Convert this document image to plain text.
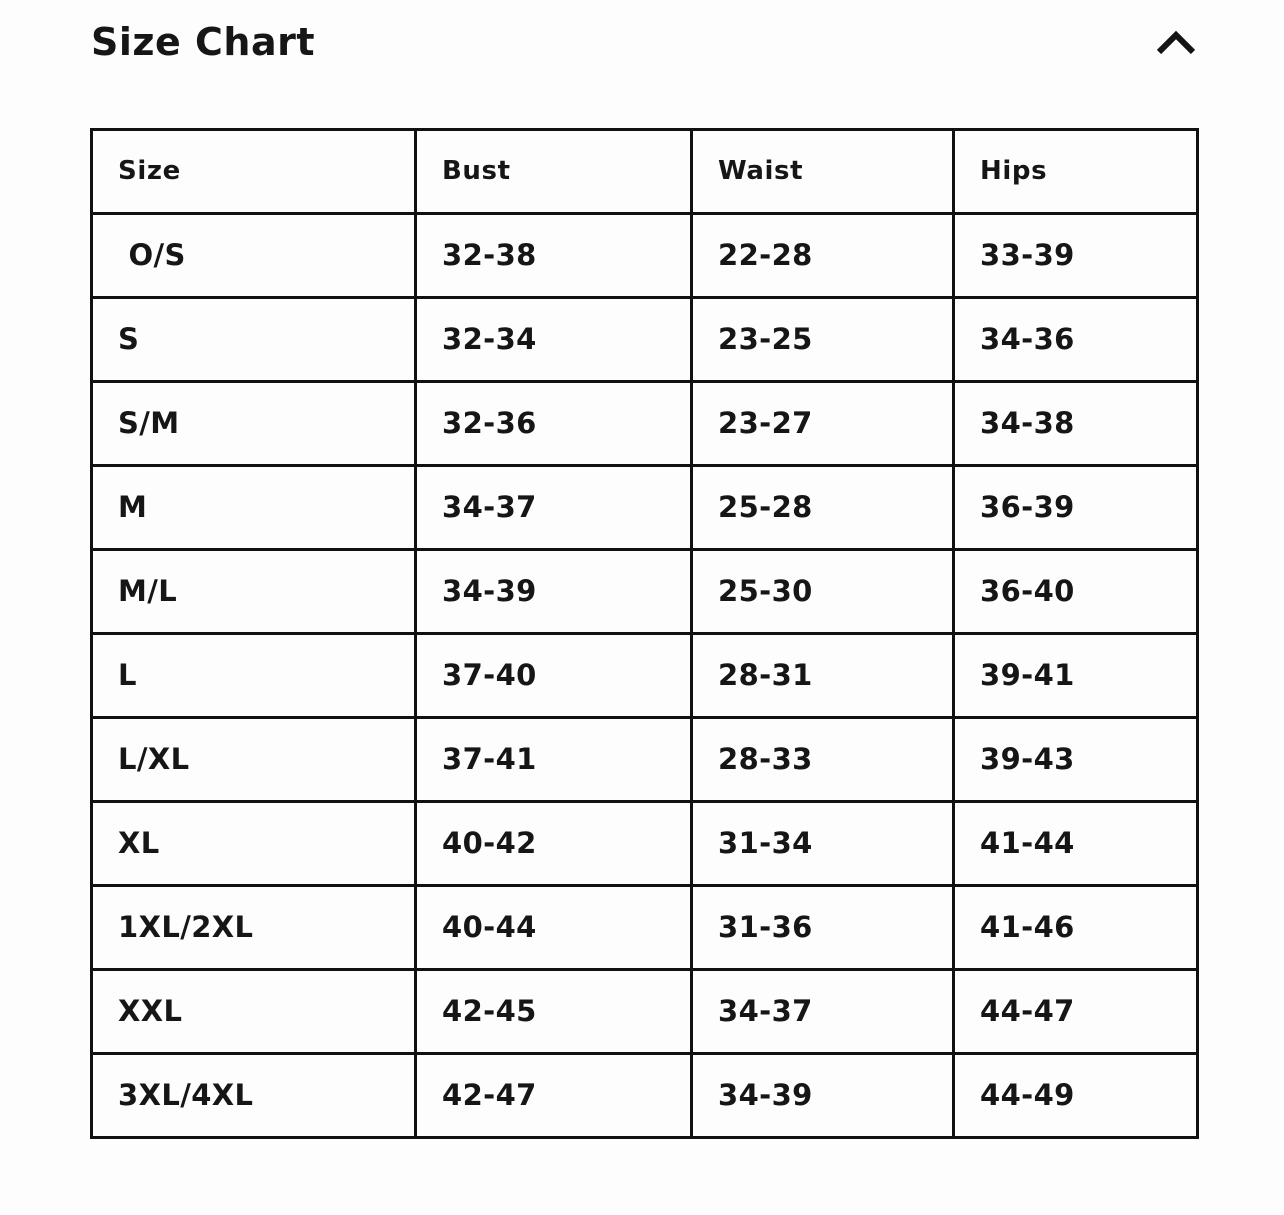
Size Chart
Size	Bust	Waist	Hips
O/S	32-38	22-28	33-39
S	32-34	23-25	34-36
S/M	32-36	23-27	34-38
M	34-37	25-28	36-39
M/L	34-39	25-30	36-40
L	37-40	28-31	39-41
L/XL	37-41	28-33	39-43
XL	40-42	31-34	41-44
1XL/2XL	40-44	31-36	41-46
XXL	42-45	34-37	44-47
3XL/4XL	42-47	34-39	44-49
